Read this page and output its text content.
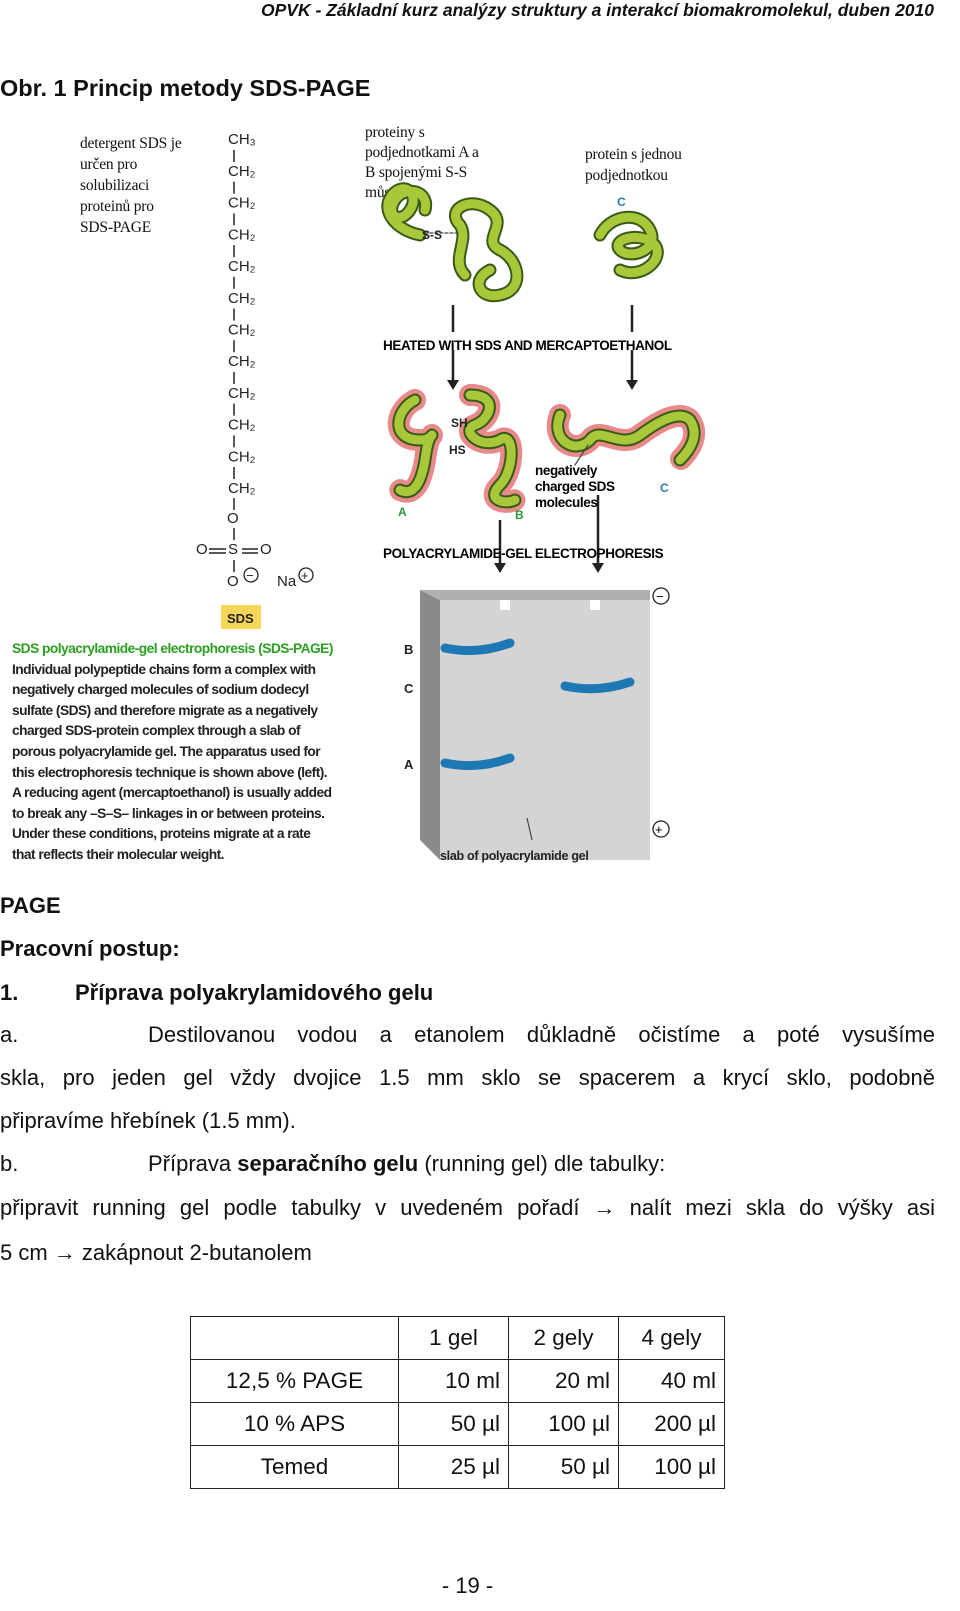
OPVK - Základní kurz analýzy struktury a interakcí biomakromolekul, duben 2010
Obr. 1 Princip metody SDS-PAGE
detergent SDS je
určen pro
solubilizaci
proteinů pro
SDS-PAGE
proteiny s
podjednotkami A a
B spojenými S-S
můstkem
protein s jednou
podjednotkou
CH₃
CH₂
CH₂
CH₂
CH₂
CH₂
CH₂
CH₂
CH₂
CH₂
CH₂
CH₂
O
O S O
O − Na +
SDS
S-S
C
HEATED WITH SDS AND MERCAPTOETHANOL
SH
HS
A	B
C
negatively
charged SDS
molecules
POLYACRYLAMIDE-GEL ELECTROPHORESIS
B
C
A
−
+
slab of polyacrylamide gel
SDS polyacrylamide-gel electrophoresis (SDS-PAGE)
Individual polypeptide chains form a complex with
negatively charged molecules of sodium dodecyl
sulfate (SDS) and therefore migrate as a negatively
charged SDS-protein complex through a slab of
porous polyacrylamide gel. The apparatus used for
this electrophoresis technique is shown above (left).
A reducing agent (mercaptoethanol) is usually added
to break any –S–S– linkages in or between proteins.
Under these conditions, proteins migrate at a rate
that reflects their molecular weight.
PAGE
Pracovní postup:
1.	Příprava polyakrylamidového gelu
a.	Destilovanou vodou a etanolem důkladně očistíme a poté vysušíme
skla, pro jeden gel vždy dvojice 1.5 mm sklo se spacerem a krycí sklo, podobně
připravíme hřebínek (1.5 mm).
b.	Příprava separačního gelu (running gel) dle tabulky:
připravit running gel podle tabulky v uvedeném pořadí → nalít mezi skla do výšky asi
5 cm → zakápnout 2-butanolem
	1 gel	2 gely	4 gely
12,5 % PAGE	10 ml	20 ml	40 ml
10 % APS	50 µl	100 µl	200 µl
Temed	25 µl	50 µl	100 µl
- 19 -
